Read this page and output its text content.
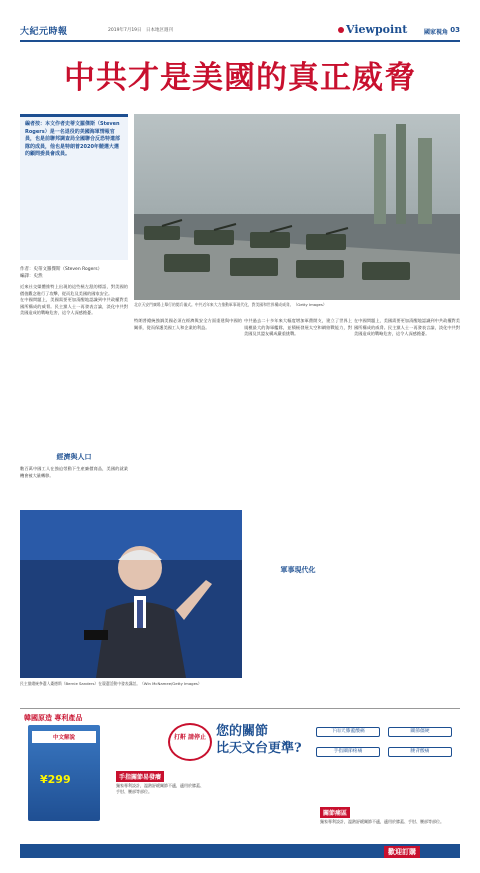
大紀元時報	2019年7月19日　日本地区週刊	Viewpoint	國家視角 03
中共才是美國的真正威脅
編者按：本文作者史蒂文羅傑斯（Steven Rogers）是一名退役的美國海軍情報官員，也是前聯邦調查局全國聯合反恐特遣部隊的成員，他也是特朗普2020年競選大選的顧問委員會成員。
作者：史蒂文羅傑斯（Steven Rogers）
編譯：史然

近來社交媒體推特上出現的這些極左派的標語，對美國的價值觀念進行了攻擊，從而危及美國的國家安全。

在中國問題上，美國需要更加清醒地認識到中共政權對美國所構成的威脅。民主黨人士一再發表言論，淡化中共對美國造成的戰略危害，這令人深感擔憂。

經濟與人口
數百萬中國工人在強迫勞動下生產廉價商品，美國的就業機會被大量轉移。
北京天安門廣場上舉行的閱兵儀式。中共近年來大力推動軍事現代化，對美國和世界構成威脅。（Getty Images）
特朗普總統強調美國必須在經濟與安全方面重建與中國的關係，從而保護美國工人和企業的利益。
中共過去二十多年來大幅度增加軍費開支，建立了世界上規模最大的海軍艦隊，並積極發展太空和網絡戰能力，對美國及其盟友構成嚴重挑戰。
軍事現代化
在中國問題上，美國需要更加清醒地認識到中共政權對美國所構成的威脅。民主黨人士一再發表言論，淡化中共對美國造成的戰略危害，這令人深感擔憂。
民主黨總統參選人桑德斯（Bernie Sanders）在競選活動中發表講話。（Win McNamee/Getty Images）
韓國原造 專利產品
中文解說
¥299
打鼾 請停止 您的關節
比天文台更準?
下雨天膝蓋酸痛	關節僵硬
手指關節疼痛	腰背酸痛
手指關節易發癢
獨家專利設計，溫熱舒緩關節不適，適用於膝蓋、手肘、腰部等部位。
關節痛區
獨家專利設計，溫熱舒緩關節不適，適用於膝蓋、手肘、腰部等部位。
歡迎訂購
